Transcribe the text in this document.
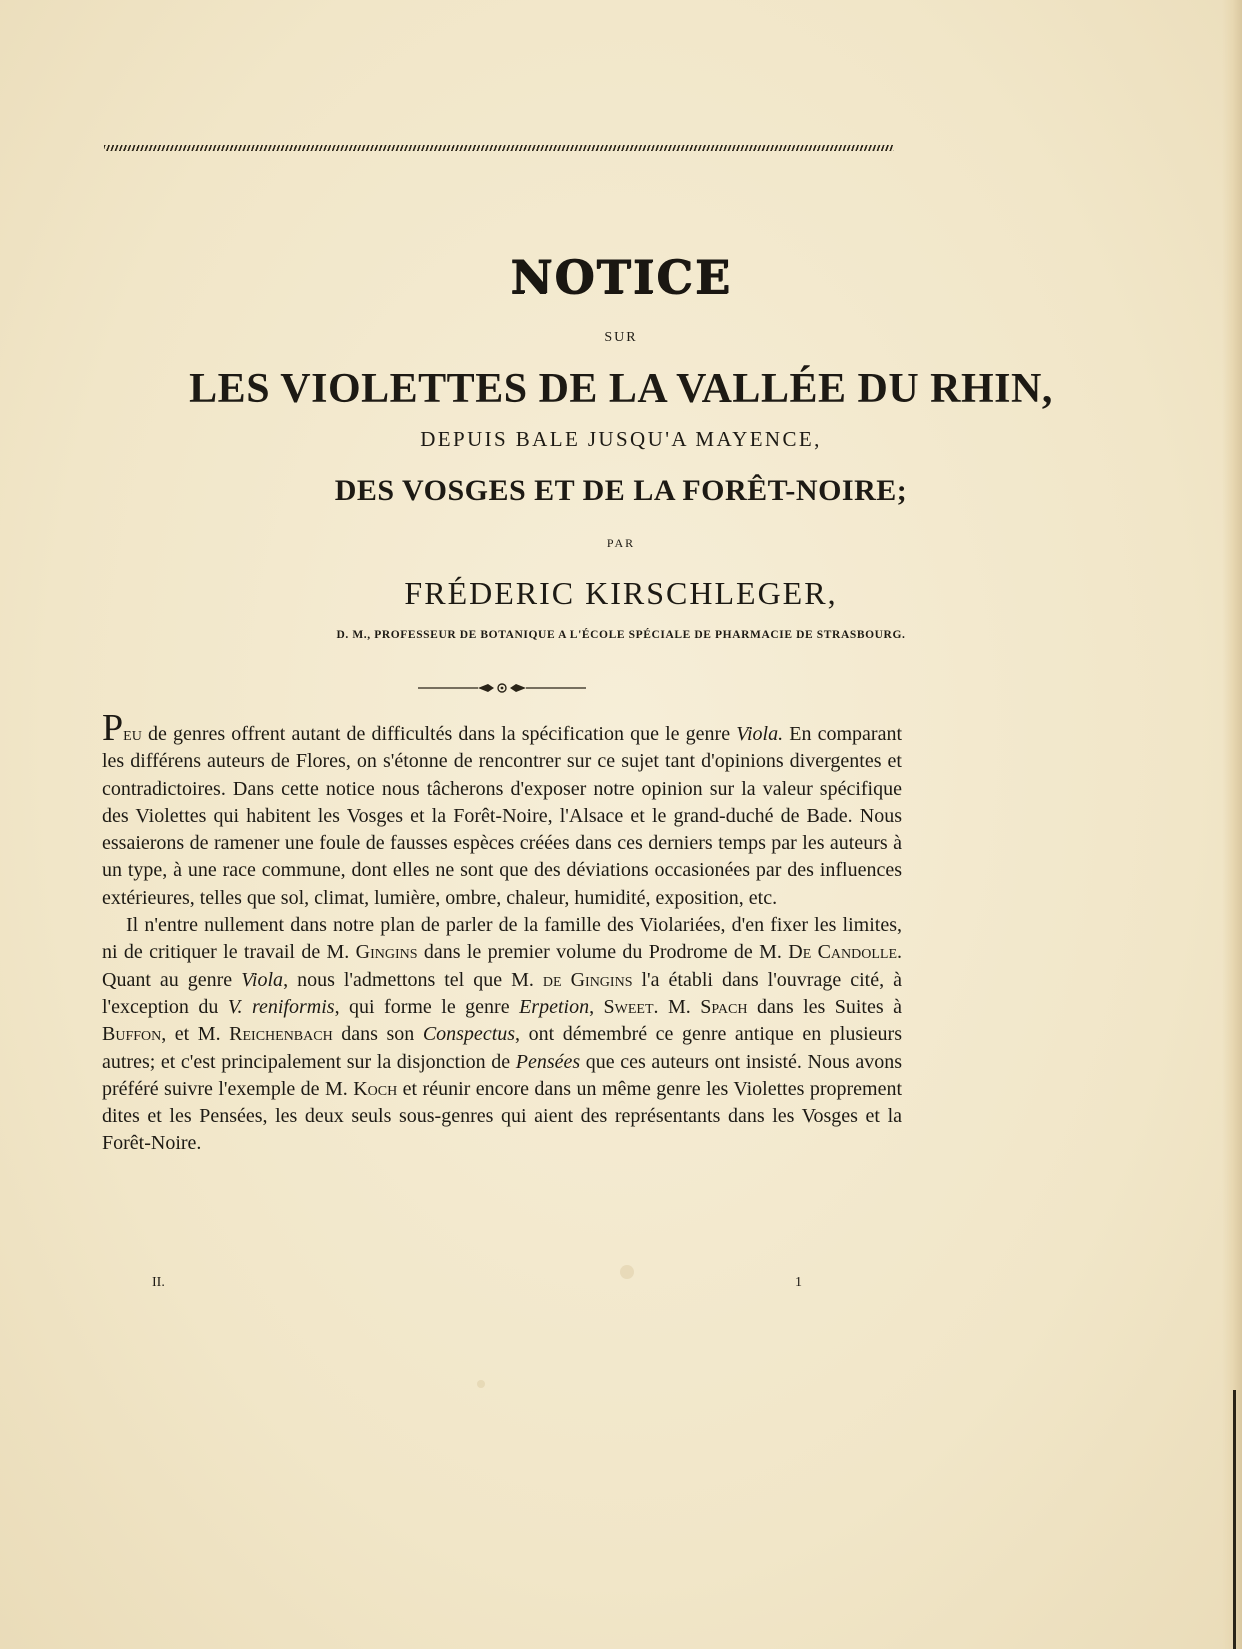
NOTICE
SUR
LES VIOLETTES DE LA VALLÉE DU RHIN,
DEPUIS BALE JUSQU'A MAYENCE,
DES VOSGES ET DE LA FORÊT-NOIRE;
PAR
FRÉDERIC KIRSCHLEGER,
D. M., PROFESSEUR DE BOTANIQUE A L'ÉCOLE SPÉCIALE DE PHARMACIE DE STRASBOURG.

Peu de genres offrent autant de difficultés dans la spécification que le genre Viola. En comparant les différens auteurs de Flores, on s'étonne de rencontrer sur ce sujet tant d'opinions divergentes et contradictoires. Dans cette notice nous tâcherons d'exposer notre opinion sur la valeur spécifique des Violettes qui habitent les Vosges et la Forêt-Noire, l'Alsace et le grand-duché de Bade. Nous essaierons de ramener une foule de fausses espèces créées dans ces derniers temps par les auteurs à un type, à une race commune, dont elles ne sont que des déviations occasionées par des influences extérieures, telles que sol, climat, lumière, ombre, chaleur, humidité, exposition, etc.

Il n'entre nullement dans notre plan de parler de la famille des Violariées, d'en fixer les limites, ni de critiquer le travail de M. Gingins dans le premier volume du Prodrome de M. De Candolle. Quant au genre Viola, nous l'admettons tel que M. de Gingins l'a établi dans l'ouvrage cité, à l'exception du V. reniformis, qui forme le genre Erpetion, Sweet. M. Spach dans les Suites à Buffon, et M. Reichenbach dans son Conspectus, ont démembré ce genre antique en plusieurs autres; et c'est principalement sur la disjonction de Pensées que ces auteurs ont insisté. Nous avons préféré suivre l'exemple de M. Koch et réunir encore dans un même genre les Violettes proprement dites et les Pensées, les deux seuls sous-genres qui aient des représentants dans les Vosges et la Forêt-Noire.

II.	1
